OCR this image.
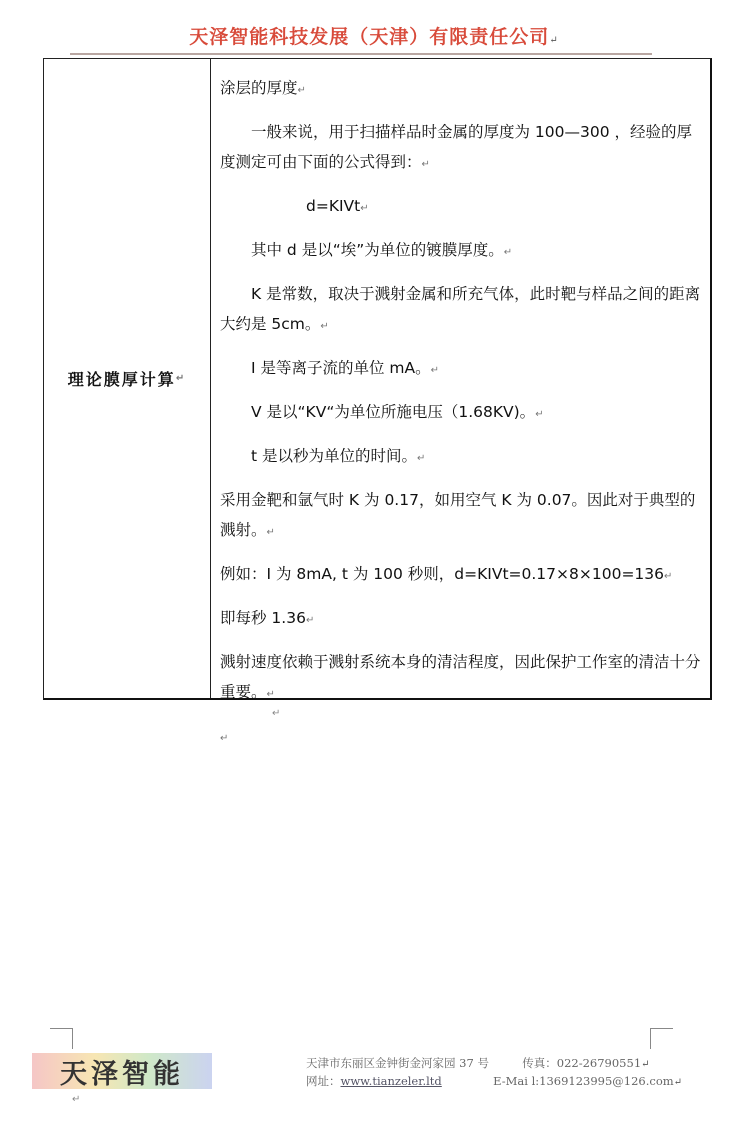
天泽智能科技发展（天津）有限责任公司↵
理论膜厚计算 ↵

涂层的厚度↵

一般来说，用于扫描样品时金属的厚度为 100—300 ，经验的厚度测定可由下面的公式得到：↵

d=KIVt↵

其中 d 是以“埃”为单位的镀膜厚度。↵

K 是常数，取决于溅射金属和所充气体，此时靶与样品之间的距离大约是 5cm。↵

I 是等离子流的单位 mA。↵

V 是以“KV“为单位所施电压（1.68KV)。↵

t 是以秒为单位的时间。↵

采用金靶和氩气时 K 为 0.17，如用空气 K 为 0.07。因此对于典型的溅射。↵

例如：I 为 8mA, t 为 100 秒则，d=KIVt=0.17×8×100=136↵

即每秒 1.36↵

溅射速度依赖于溅射系统本身的清洁程度，因此保护工作室的清洁十分重要。↵

↵

↵
天泽智能	天津市东丽区金钟街金河家园 37 号	传真：022-26790551↵
网址：www.tianzeler.ltd	E-Mai l:1369123995@126.com↵
↵
